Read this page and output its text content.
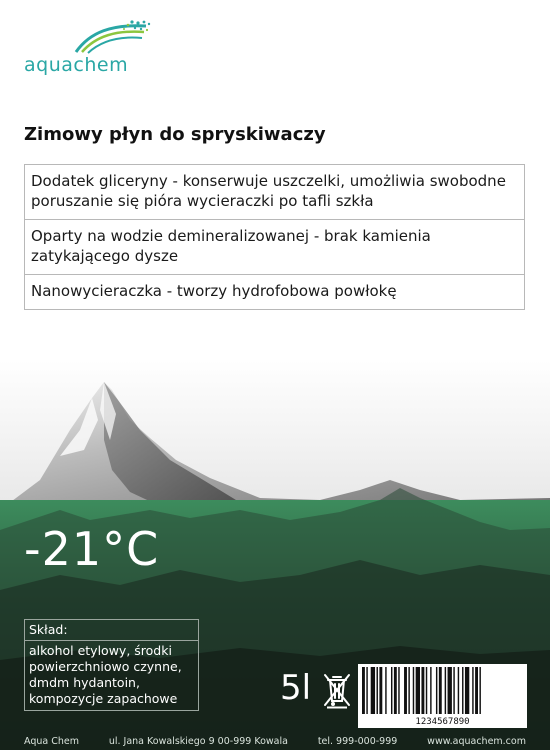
aquachem
Zimowy płyn do spryskiwaczy
Dodatek gliceryny - konserwuje uszczelki, umożliwia swobodne poruszanie się pióra wycieraczki po tafli szkła
Oparty na wodzie demineralizowanej - brak kamienia zatykającego dysze
Nanowycieraczka - tworzy hydrofobowa powłokę
-21°C
Skład:
alkohol etylowy, środki powierzchniowo czynne, dmdm hydantoin, kompozycje zapachowe	5l
1234567890
Aqua Chem	ul. Jana Kowalskiego 9 00-999 Kowala	tel. 999-000-999	www.aquachem.com
